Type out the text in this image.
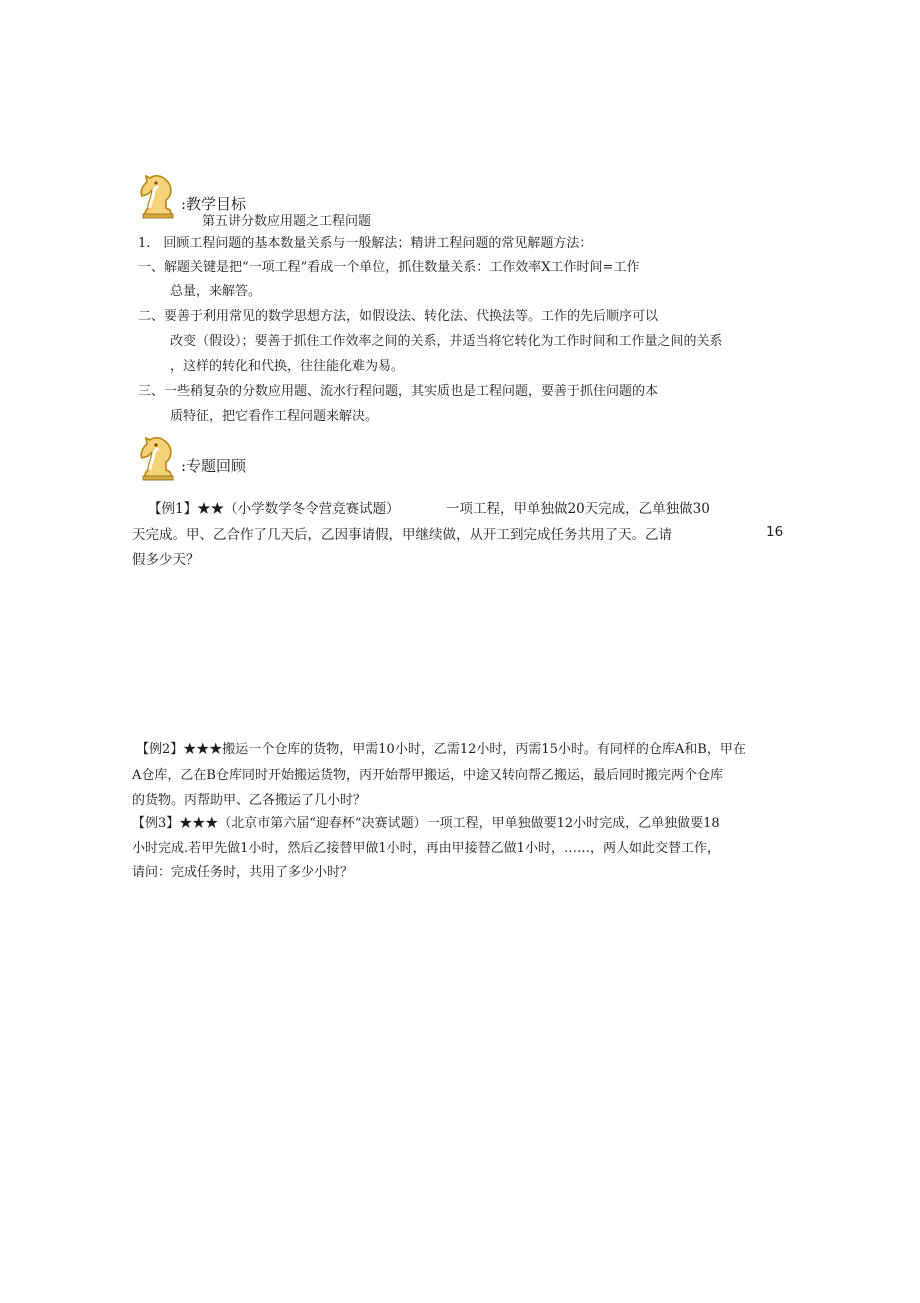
:教学目标
第五讲分数应用题之工程问题
1.　回顾工程问题的基本数量关系与一般解法；精讲工程问题的常见解题方法：
一、解题关键是把“一项工程”看成一个单位，抓住数量关系：工作效率X工作时间=工作
总量，来解答。
二、要善于利用常见的数学思想方法，如假设法、转化法、代换法等。工作的先后顺序可以
改变（假设）；要善于抓住工作效率之间的关系，并适当将它转化为工作时间和工作量之间的关系
，这样的转化和代换，往往能化难为易。
三、一些稍复杂的分数应用题、流水行程问题，其实质也是工程问题，要善于抓住问题的本
质特征，把它看作工程问题来解决。
:专题回顾
【例1】★★（小学数学冬令营竞赛试题）	一项工程，甲单独做20天完成，乙单独做30
天完成。甲、乙合作了几天后，乙因事请假，甲继续做，从开工到完成任务共用了天。乙请	16
假多少天？
【例2】★★★搬运一个仓库的货物，甲需10小时，乙需12小时，丙需15小时。有同样的仓库A和B，甲在
A仓库，乙在B仓库同时开始搬运货物，丙开始帮甲搬运，中途又转向帮乙搬运，最后同时搬完两个仓库
的货物。丙帮助甲、乙各搬运了几小时？
【例3】★★★（北京市第六届“迎春杯”决赛试题）一项工程，甲单独做要12小时完成，乙单独做要18
小时完成.若甲先做1小时，然后乙接替甲做1小时，再由甲接替乙做1小时，……，两人如此交替工作，
请问：完成任务时，共用了多少小时？
